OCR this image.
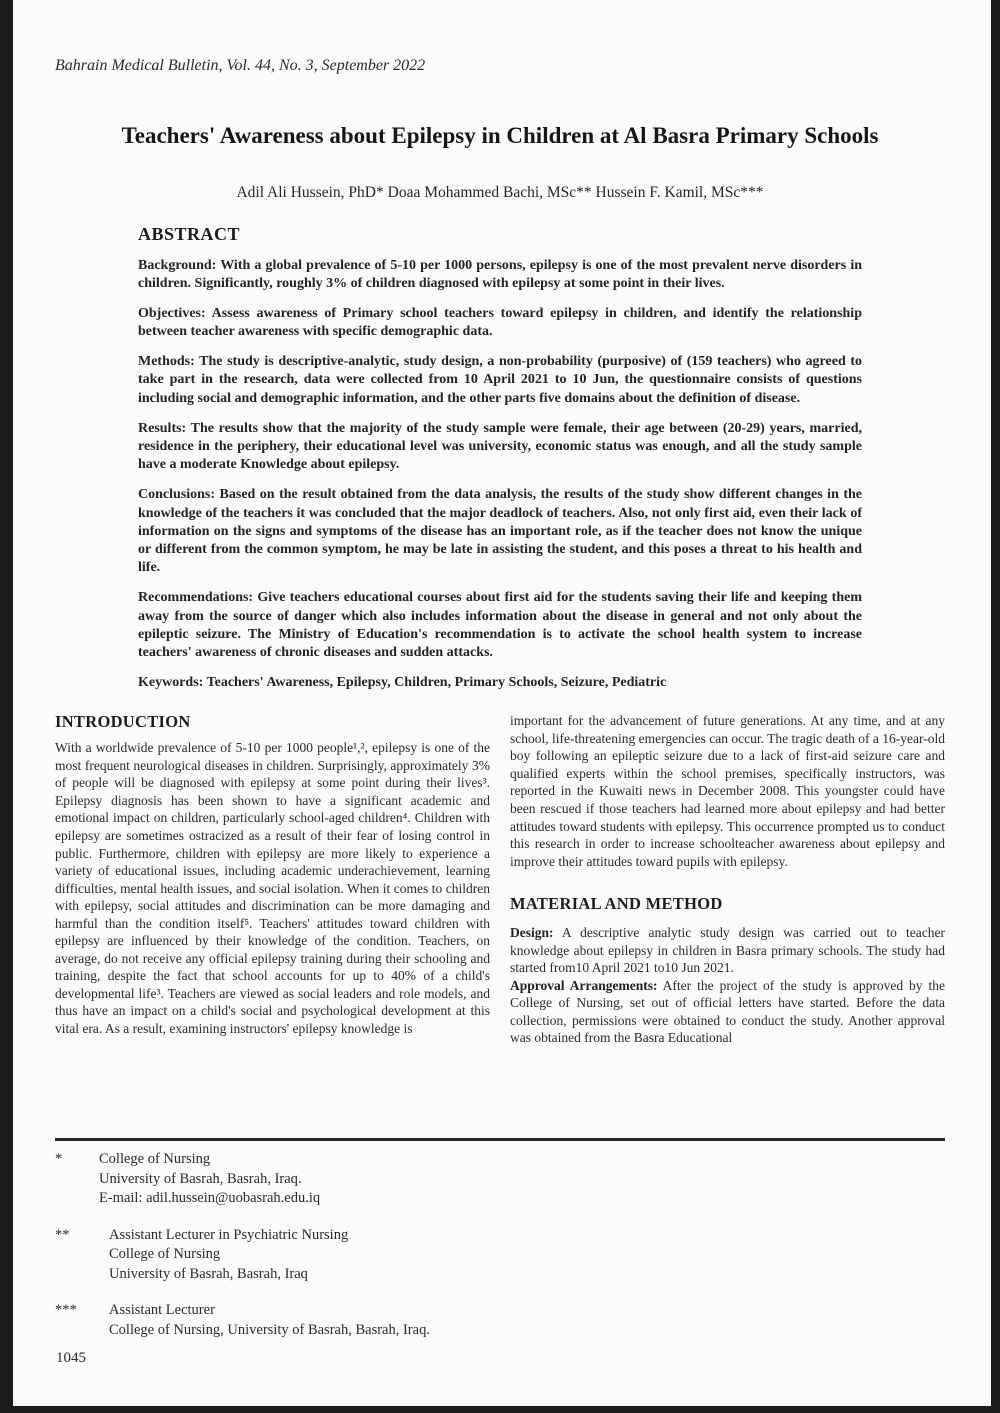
Bahrain Medical Bulletin, Vol. 44, No. 3, September 2022
Teachers' Awareness about Epilepsy in Children at Al Basra Primary Schools
Adil Ali Hussein, PhD* Doaa Mohammed Bachi, MSc** Hussein F. Kamil, MSc***
ABSTRACT

Background: With a global prevalence of 5-10 per 1000 persons, epilepsy is one of the most prevalent nerve disorders in children. Significantly, roughly 3% of children diagnosed with epilepsy at some point in their lives.

Objectives: Assess awareness of Primary school teachers toward epilepsy in children, and identify the relationship between teacher awareness with specific demographic data.

Methods: The study is descriptive-analytic, study design, a non-probability (purposive) of (159 teachers) who agreed to take part in the research, data were collected from 10 April 2021 to 10 Jun, the questionnaire consists of questions including social and demographic information, and the other parts five domains about the definition of disease.

Results: The results show that the majority of the study sample were female, their age between (20-29) years, married, residence in the periphery, their educational level was university, economic status was enough, and all the study sample have a moderate Knowledge about epilepsy.

Conclusions: Based on the result obtained from the data analysis, the results of the study show different changes in the knowledge of the teachers it was concluded that the major deadlock of teachers. Also, not only first aid, even their lack of information on the signs and symptoms of the disease has an important role, as if the teacher does not know the unique or different from the common symptom, he may be late in assisting the student, and this poses a threat to his health and life.

Recommendations: Give teachers educational courses about first aid for the students saving their life and keeping them away from the source of danger which also includes information about the disease in general and not only about the epileptic seizure. The Ministry of Education's recommendation is to activate the school health system to increase teachers' awareness of chronic diseases and sudden attacks.

Keywords: Teachers' Awareness, Epilepsy, Children, Primary Schools, Seizure, Pediatric

INTRODUCTION

With a worldwide prevalence of 5-10 per 1000 people¹,², epilepsy is one of the most frequent neurological diseases in children. Surprisingly, approximately 3% of people will be diagnosed with epilepsy at some point during their lives³. Epilepsy diagnosis has been shown to have a significant academic and emotional impact on children, particularly school-aged children⁴. Children with epilepsy are sometimes ostracized as a result of their fear of losing control in public. Furthermore, children with epilepsy are more likely to experience a variety of educational issues, including academic underachievement, learning difficulties, mental health issues, and social isolation. When it comes to children with epilepsy, social attitudes and discrimination can be more damaging and harmful than the condition itself⁵. Teachers' attitudes toward children with epilepsy are influenced by their knowledge of the condition. Teachers, on average, do not receive any official epilepsy training during their schooling and training, despite the fact that school accounts for up to 40% of a child's developmental life³. Teachers are viewed as social leaders and role models, and thus have an impact on a child's social and psychological development at this vital era. As a result, examining instructors' epilepsy knowledge is

important for the advancement of future generations. At any time, and at any school, life-threatening emergencies can occur. The tragic death of a 16-year-old boy following an epileptic seizure due to a lack of first-aid seizure care and qualified experts within the school premises, specifically instructors, was reported in the Kuwaiti news in December 2008. This youngster could have been rescued if those teachers had learned more about epilepsy and had better attitudes toward students with epilepsy. This occurrence prompted us to conduct this research in order to increase schoolteacher awareness about epilepsy and improve their attitudes toward pupils with epilepsy.

MATERIAL AND METHOD

Design: A descriptive analytic study design was carried out to teacher knowledge about epilepsy in children in Basra primary schools. The study had started from10 April 2021 to10 Jun 2021.

Approval Arrangements: After the project of the study is approved by the College of Nursing, set out of official letters have started. Before the data collection, permissions were obtained to conduct the study. Another approval was obtained from the Basra Educational

*	College of Nursing
University of Basrah, Basrah, Iraq.
E-mail: adil.hussein@uobasrah.edu.iq
**	Assistant Lecturer in Psychiatric Nursing
College of Nursing
University of Basrah, Basrah, Iraq
***	Assistant Lecturer
College of Nursing, University of Basrah, Basrah, Iraq.
1045
